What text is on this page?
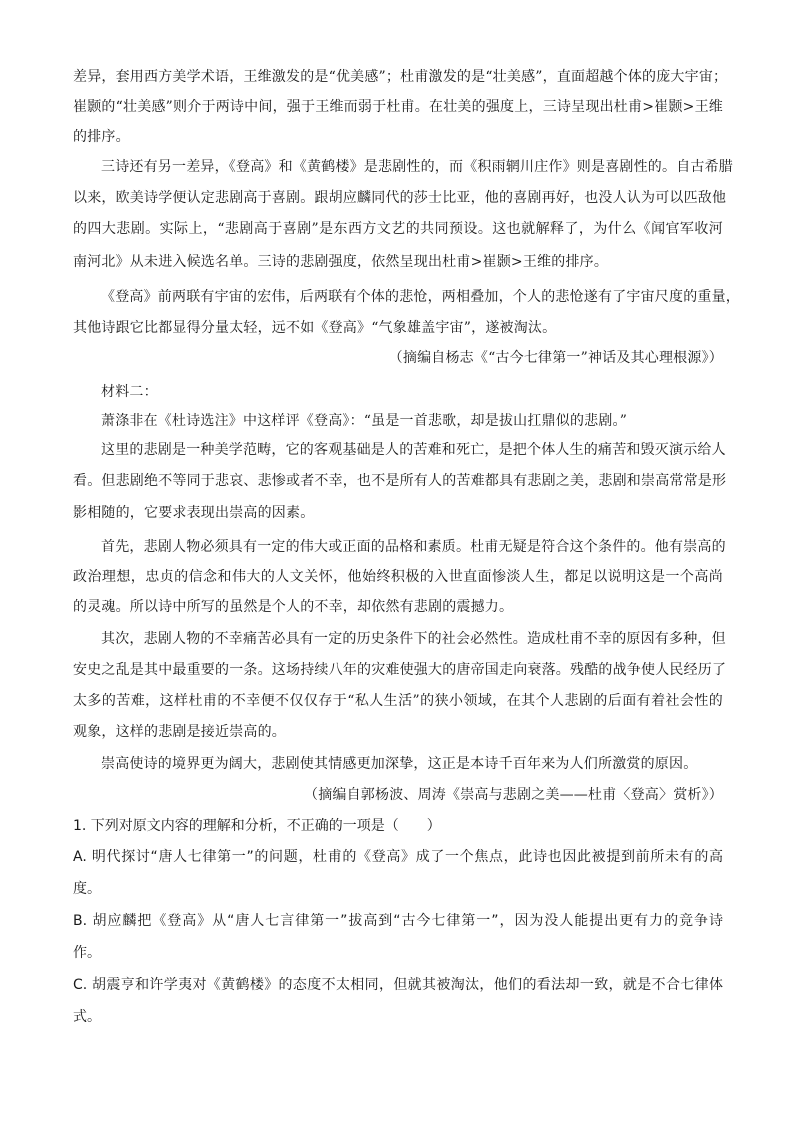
差异，套用西方美学术语，王维激发的是“优美感”；杜甫激发的是“壮美感”，直面超越个体的庞大宇宙；
崔颢的“壮美感”则介于两诗中间，强于王维而弱于杜甫。在壮美的强度上，三诗呈现出杜甫>崔颢>王维
的排序。
三诗还有另一差异，《登高》和《黄鹤楼》是悲剧性的，而《积雨辋川庄作》则是喜剧性的。自古希腊
以来，欧美诗学便认定悲剧高于喜剧。跟胡应麟同代的莎士比亚，他的喜剧再好，也没人认为可以匹敌他
的四大悲剧。实际上，“悲剧高于喜剧”是东西方文艺的共同预设。这也就解释了，为什么《闻官军收河
南河北》从未进入候选名单。三诗的悲剧强度，依然呈现出杜甫>崔颢>王维的排序。
《登高》前两联有宇宙的宏伟，后两联有个体的悲怆，两相叠加，个人的悲怆遂有了宇宙尺度的重量，
其他诗跟它比都显得分量太轻，远不如《登高》“气象雄盖宇宙”，遂被淘汰。
（摘编自杨志《“古今七律第一”神话及其心理根源》）
材料二：
萧涤非在《杜诗选注》中这样评《登高》：“虽是一首悲歌，却是拔山扛鼎似的悲剧。”
这里的悲剧是一种美学范畴，它的客观基础是人的苦难和死亡，是把个体人生的痛苦和毁灭演示给人
看。但悲剧绝不等同于悲哀、悲惨或者不幸，也不是所有人的苦难都具有悲剧之美，悲剧和崇高常常是形
影相随的，它要求表现出崇高的因素。
首先，悲剧人物必须具有一定的伟大或正面的品格和素质。杜甫无疑是符合这个条件的。他有崇高的
政治理想，忠贞的信念和伟大的人文关怀，他始终积极的入世直面惨淡人生，都足以说明这是一个高尚
的灵魂。所以诗中所写的虽然是个人的不幸，却依然有悲剧的震撼力。
其次，悲剧人物的不幸痛苦必具有一定的历史条件下的社会必然性。造成杜甫不幸的原因有多种，但
安史之乱是其中最重要的一条。这场持续八年的灾难使强大的唐帝国走向衰落。残酷的战争使人民经历了
太多的苦难，这样杜甫的不幸便不仅仅存于“私人生活”的狭小领域，在其个人悲剧的后面有着社会性的
观象，这样的悲剧是接近崇高的。
崇高使诗的境界更为阔大，悲剧使其情感更加深挚，这正是本诗千百年来为人们所激赏的原因。
（摘编自郭杨波、周涛《崇高与悲剧之美——杜甫〈登高〉赏析》）
1. 下列对原文内容的理解和分析，不正确的一项是（　　）
A. 明代探讨“唐人七律第一”的问题，杜甫的《登高》成了一个焦点，此诗也因此被提到前所未有的高
度。
B. 胡应麟把《登高》从“唐人七言律第一”拔高到“古今七律第一”，因为没人能提出更有力的竞争诗
作。
C. 胡震亨和许学夷对《黄鹤楼》的态度不太相同，但就其被淘汰，他们的看法却一致，就是不合七律体
式。
